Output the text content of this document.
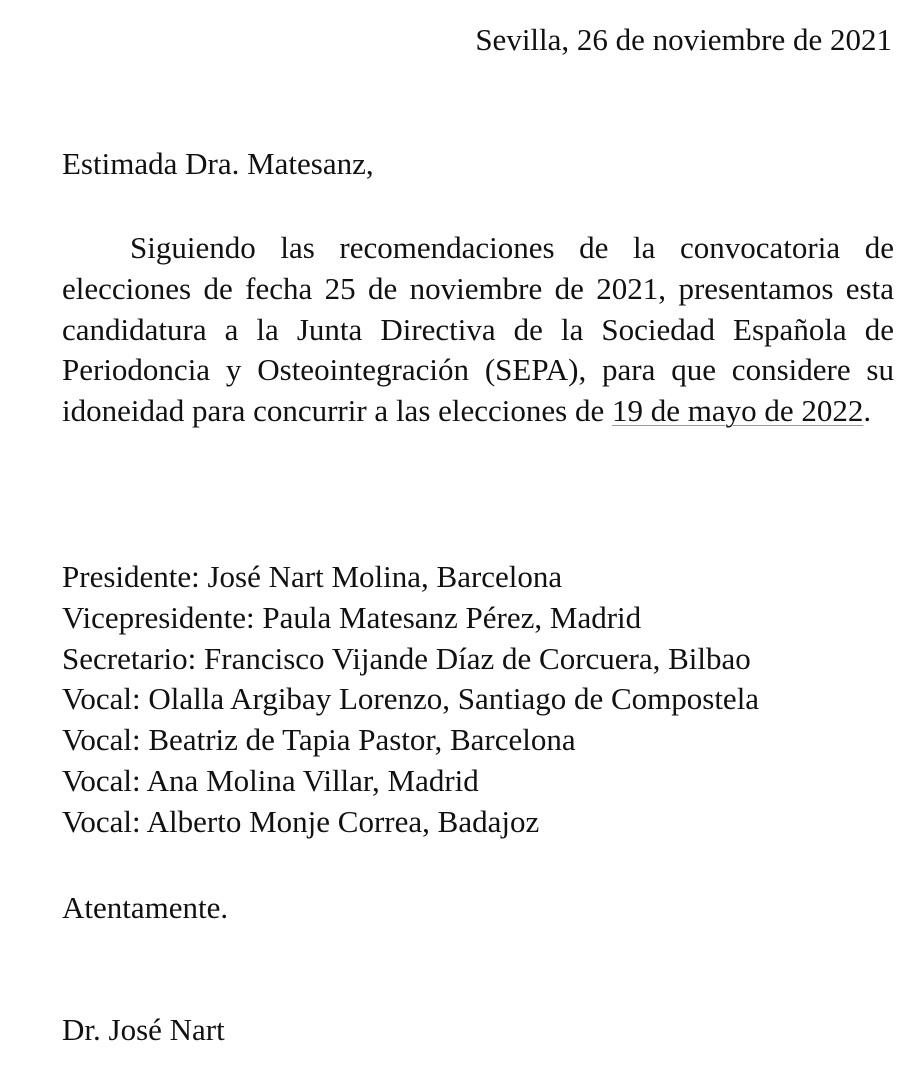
Sevilla, 26 de noviembre de 2021
Estimada Dra. Matesanz,

Siguiendo las recomendaciones de la convocatoria de elecciones de fecha 25 de noviembre de 2021, presentamos esta candidatura a la Junta Directiva de la Sociedad Española de Periodoncia y Osteointegración (SEPA), para que considere su idoneidad para concurrir a las elecciones de 19 de mayo de 2022.

Presidente: José Nart Molina, Barcelona
Vicepresidente: Paula Matesanz Pérez, Madrid
Secretario: Francisco Vijande Díaz de Corcuera, Bilbao
Vocal: Olalla Argibay Lorenzo, Santiago de Compostela
Vocal: Beatriz de Tapia Pastor, Barcelona
Vocal: Ana Molina Villar, Madrid
Vocal: Alberto Monje Correa, Badajoz
Atentamente.
Dr. José Nart
